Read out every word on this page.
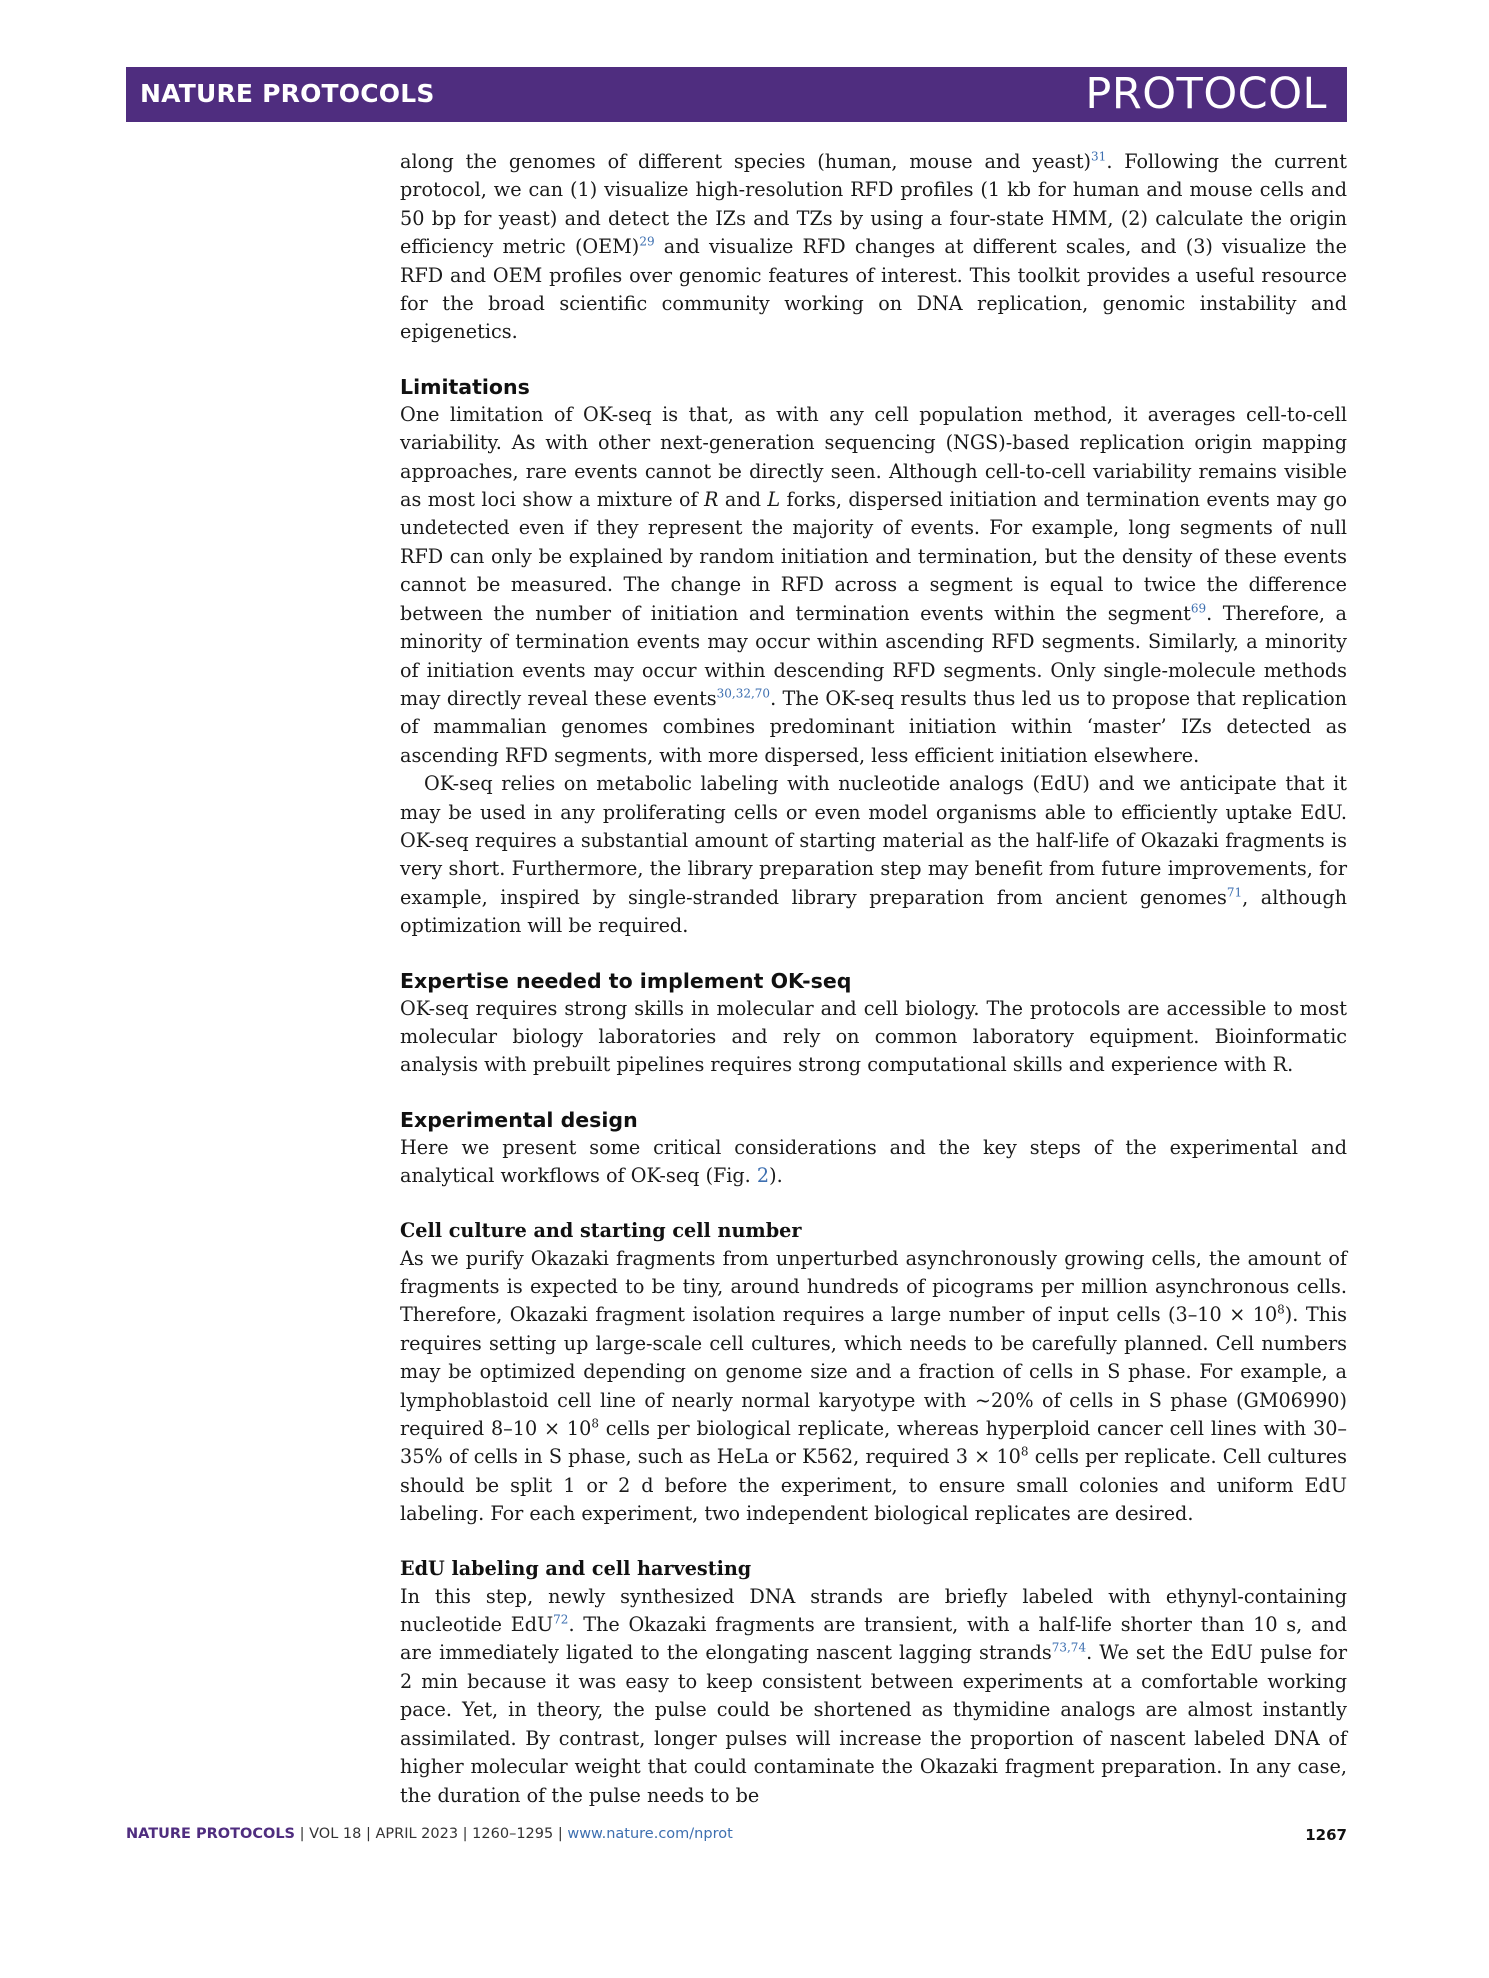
NATURE PROTOCOLS	PROTOCOL

along the genomes of different species (human, mouse and yeast)$^{31}$. Following the current protocol, we can (1) visualize high-resolution RFD profiles (1 kb for human and mouse cells and 50 bp for yeast) and detect the IZs and TZs by using a four-state HMM, (2) calculate the origin efficiency metric (OEM)$^{29}$ and visualize RFD changes at different scales, and (3) visualize the RFD and OEM profiles over genomic features of interest. This toolkit provides a useful resource for the broad scientific community working on DNA replication, genomic instability and epigenetics.

Limitations

One limitation of OK-seq is that, as with any cell population method, it averages cell-to-cell variability. As with other next-generation sequencing (NGS)-based replication origin mapping approaches, rare events cannot be directly seen. Although cell-to-cell variability remains visible as most loci show a mixture of R and L forks, dispersed initiation and termination events may go undetected even if they represent the majority of events. For example, long segments of null RFD can only be explained by random initiation and termination, but the density of these events cannot be measured. The change in RFD across a segment is equal to twice the difference between the number of initiation and termination events within the segment$^{69}$. Therefore, a minority of termination events may occur within ascending RFD segments. Similarly, a minority of initiation events may occur within descending RFD segments. Only single-molecule methods may directly reveal these events$^{30,32,70}$. The OK-seq results thus led us to propose that replication of mammalian genomes combines predominant initiation within ‘master’ IZs detected as ascending RFD segments, with more dispersed, less efficient initiation elsewhere.

OK-seq relies on metabolic labeling with nucleotide analogs (EdU) and we anticipate that it may be used in any proliferating cells or even model organisms able to efficiently uptake EdU. OK-seq requires a substantial amount of starting material as the half-life of Okazaki fragments is very short. Furthermore, the library preparation step may benefit from future improvements, for example, inspired by single-stranded library preparation from ancient genomes$^{71}$, although optimization will be required.

Expertise needed to implement OK-seq

OK-seq requires strong skills in molecular and cell biology. The protocols are accessible to most molecular biology laboratories and rely on common laboratory equipment. Bioinformatic analysis with prebuilt pipelines requires strong computational skills and experience with R.

Experimental design

Here we present some critical considerations and the key steps of the experimental and analytical workflows of OK-seq (Fig. 2).

Cell culture and starting cell number

As we purify Okazaki fragments from unperturbed asynchronously growing cells, the amount of fragments is expected to be tiny, around hundreds of picograms per million asynchronous cells. Therefore, Okazaki fragment isolation requires a large number of input cells $(3-10 \times 10^8)$. This requires setting up large-scale cell cultures, which needs to be carefully planned. Cell numbers may be optimized depending on genome size and a fraction of cells in S phase. For example, a lymphoblastoid cell line of nearly normal karyotype with ~20% of cells in S phase (GM06990) required $8-10 \times 10^8$ cells per biological replicate, whereas hyperploid cancer cell lines with 30–35% of cells in S phase, such as HeLa or K562, required $3 \times 10^8$ cells per replicate. Cell cultures should be split 1 or 2 d before the experiment, to ensure small colonies and uniform EdU labeling. For each experiment, two independent biological replicates are desired.

EdU labeling and cell harvesting

In this step, newly synthesized DNA strands are briefly labeled with ethynyl-containing nucleotide EdU$^{72}$. The Okazaki fragments are transient, with a half-life shorter than 10 s, and are immediately ligated to the elongating nascent lagging strands$^{73,74}$. We set the EdU pulse for 2 min because it was easy to keep consistent between experiments at a comfortable working pace. Yet, in theory, the pulse could be shortened as thymidine analogs are almost instantly assimilated. By contrast, longer pulses will increase the proportion of nascent labeled DNA of higher molecular weight that could contaminate the Okazaki fragment preparation. In any case, the duration of the pulse needs to be

NATURE PROTOCOLS | VOL 18 | APRIL 2023 | 1260–1295 | www.nature.com/nprot	1267
